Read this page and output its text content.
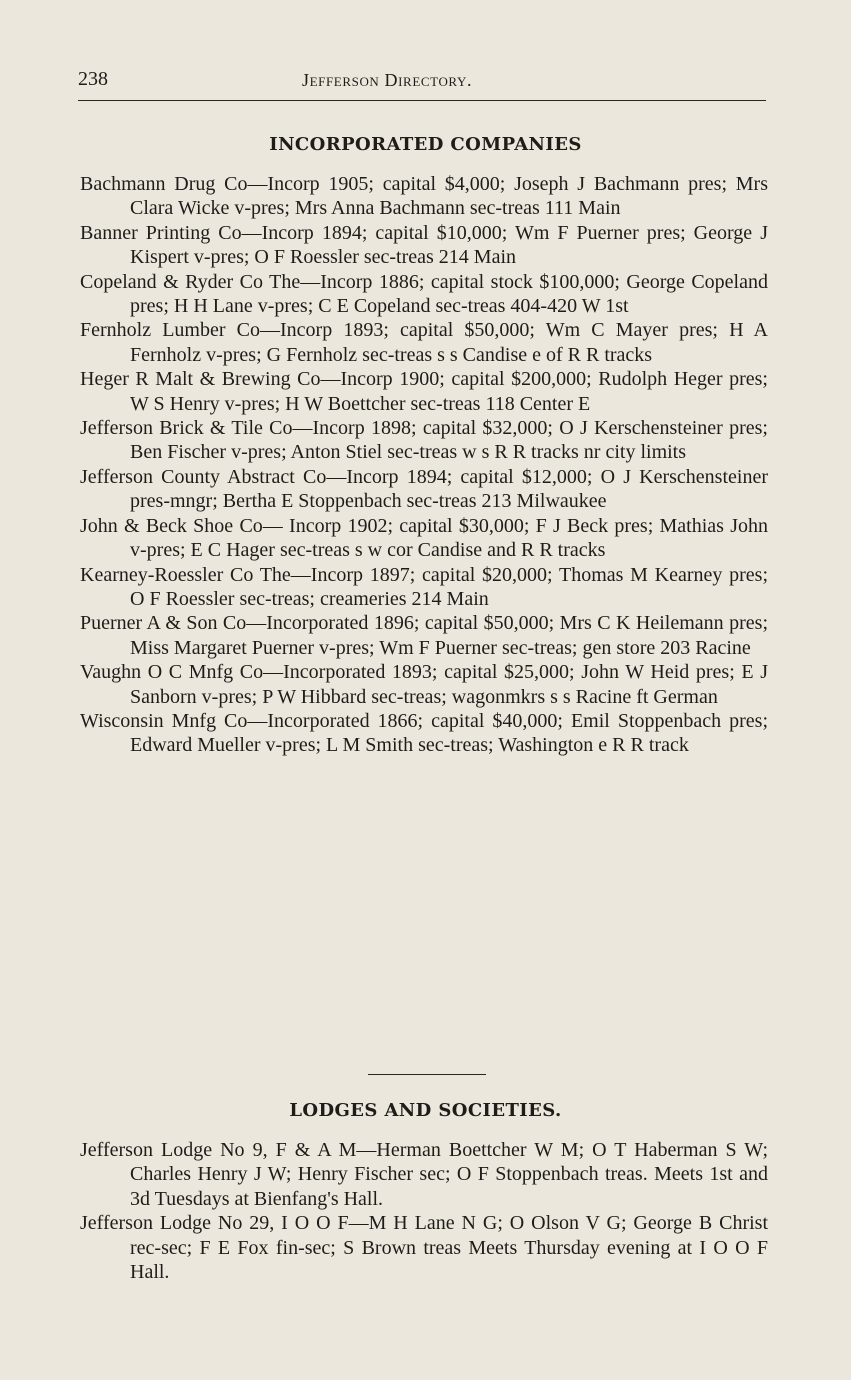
238	Jefferson Directory.
INCORPORATED COMPANIES

Bachmann Drug Co—Incorp 1905; capital $4,000; Joseph J Bachmann pres; Mrs Clara Wicke v-pres; Mrs Anna Bachmann sec-treas 111 Main

Banner Printing Co—Incorp 1894; capital $10,000; Wm F Puerner pres; George J Kispert v-pres; O F Roessler sec-treas 214 Main

Copeland & Ryder Co The—Incorp 1886; capital stock $100,000; George Copeland pres; H H Lane v-pres; C E Copeland sec-treas 404-420 W 1st

Fernholz Lumber Co—Incorp 1893; capital $50,000; Wm C Mayer pres; H A Fernholz v-pres; G Fernholz sec-treas s s Candise e of R R tracks

Heger R Malt & Brewing Co—Incorp 1900; capital $200,000; Rudolph Heger pres; W S Henry v-pres; H W Boettcher sec-treas 118 Center E

Jefferson Brick & Tile Co—Incorp 1898; capital $32,000; O J Kerschensteiner pres; Ben Fischer v-pres; Anton Stiel sec-treas w s R R tracks nr city limits

Jefferson County Abstract Co—Incorp 1894; capital $12,000; O J Kerschensteiner pres-mngr; Bertha E Stoppenbach sec-treas 213 Milwaukee

John & Beck Shoe Co— Incorp 1902; capital $30,000; F J Beck pres; Mathias John v-pres; E C Hager sec-treas s w cor Candise and R R tracks

Kearney-Roessler Co The—Incorp 1897; capital $20,000; Thomas M Kearney pres; O F Roessler sec-treas; creameries 214 Main

Puerner A & Son Co—Incorporated 1896; capital $50,000; Mrs C K Heilemann pres; Miss Margaret Puerner v-pres; Wm F Puerner sec-treas; gen store 203 Racine

Vaughn O C Mnfg Co—Incorporated 1893; capital $25,000; John W Heid pres; E J Sanborn v-pres; P W Hibbard sec-treas; wagonmkrs s s Racine ft German

Wisconsin Mnfg Co—Incorporated 1866; capital $40,000; Emil Stoppenbach pres; Edward Mueller v-pres; L M Smith sec-treas; Washington e R R track

LODGES AND SOCIETIES.

Jefferson Lodge No 9, F & A M—Herman Boettcher W M; O T Haberman S W; Charles Henry J W; Henry Fischer sec; O F Stoppenbach treas. Meets 1st and 3d Tuesdays at Bienfang's Hall.

Jefferson Lodge No 29, I O O F—M H Lane N G; O Olson V G; George B Christ rec-sec; F E Fox fin-sec; S Brown treas Meets Thursday evening at I O O F Hall.
